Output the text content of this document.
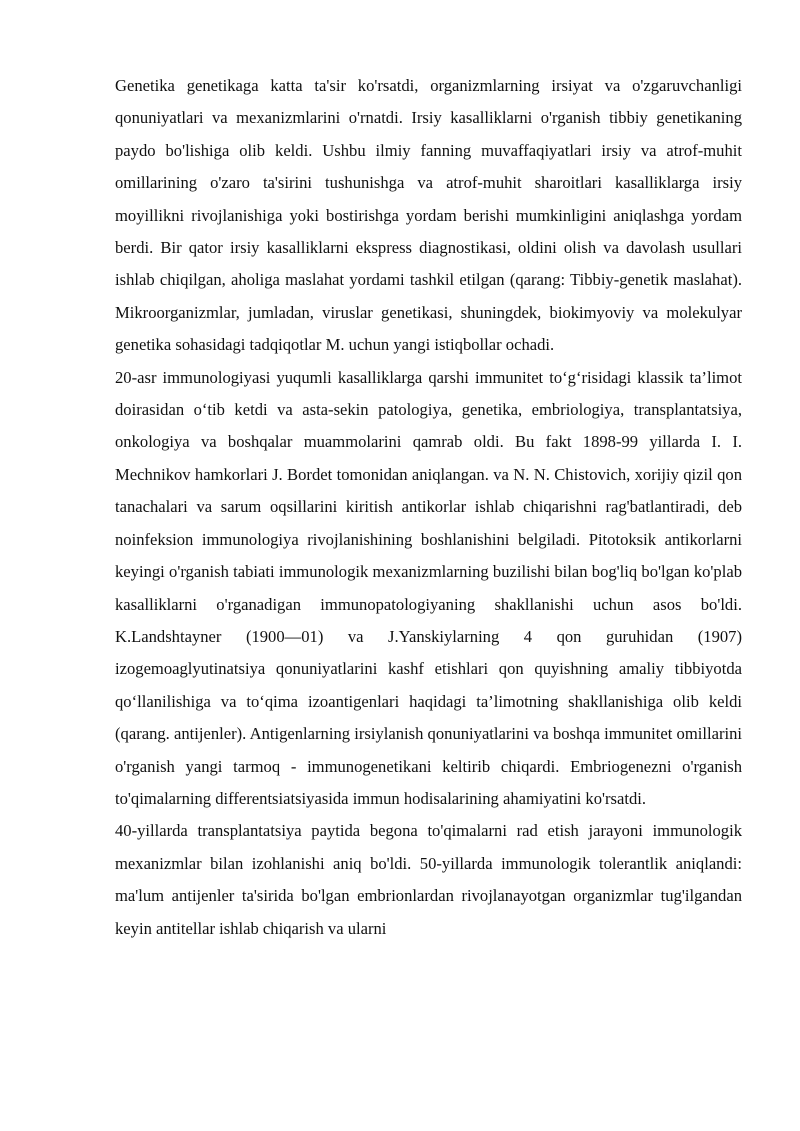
Genetika genetikaga katta ta'sir ko'rsatdi, organizmlarning irsiyat va o'zgaruvchanligi qonuniyatlari va mexanizmlarini o'rnatdi. Irsiy kasalliklarni o'rganish tibbiy genetikaning paydo bo'lishiga olib keldi. Ushbu ilmiy fanning muvaffaqiyatlari irsiy va atrof-muhit omillarining o'zaro ta'sirini tushunishga va atrof-muhit sharoitlari kasalliklarga irsiy moyillikni rivojlanishiga yoki bostirishga yordam berishi mumkinligini aniqlashga yordam berdi. Bir qator irsiy kasalliklarni ekspress diagnostikasi, oldini olish va davolash usullari ishlab chiqilgan, aholiga maslahat yordami tashkil etilgan (qarang: Tibbiy-genetik maslahat). Mikroorganizmlar, jumladan, viruslar genetikasi, shuningdek, biokimyoviy va molekulyar genetika sohasidagi tadqiqotlar M. uchun yangi istiqbollar ochadi.

20-asr immunologiyasi yuqumli kasalliklarga qarshi immunitet to‘g‘risidagi klassik ta’limot doirasidan o‘tib ketdi va asta-sekin patologiya, genetika, embriologiya, transplantatsiya, onkologiya va boshqalar muammolarini qamrab oldi. Bu fakt 1898-99 yillarda I. I. Mechnikov hamkorlari J. Bordet tomonidan aniqlangan. va N. N. Chistovich, xorijiy qizil qon tanachalari va sarum oqsillarini kiritish antikorlar ishlab chiqarishni rag'batlantiradi, deb noinfeksion immunologiya rivojlanishining boshlanishini belgiladi. Pitotoksik antikorlarni keyingi o'rganish tabiati immunologik mexanizmlarning buzilishi bilan bog'liq bo'lgan ko'plab kasalliklarni o'rganadigan immunopatologiyaning shakllanishi uchun asos bo'ldi. K.Landshtayner (1900—01) va J.Yanskiylarning 4 qon guruhidan (1907) izogemoaglyutinatsiya qonuniyatlarini kashf etishlari qon quyishning amaliy tibbiyotda qo‘llanilishiga va to‘qima izoantigenlari haqidagi ta’limotning shakllanishiga olib keldi (qarang. antijenler). Antigenlarning irsiylanish qonuniyatlarini va boshqa immunitet omillarini o'rganish yangi tarmoq - immunogenetikani keltirib chiqardi. Embriogenezni o'rganish to'qimalarning differentsiatsiyasida immun hodisalarining ahamiyatini ko'rsatdi.

40-yillarda transplantatsiya paytida begona to'qimalarni rad etish jarayoni immunologik mexanizmlar bilan izohlanishi aniq bo'ldi. 50-yillarda immunologik tolerantlik aniqlandi: ma'lum antijenler ta'sirida bo'lgan embrionlardan rivojlanayotgan organizmlar tug'ilgandan keyin antitellar ishlab chiqarish va ularni
